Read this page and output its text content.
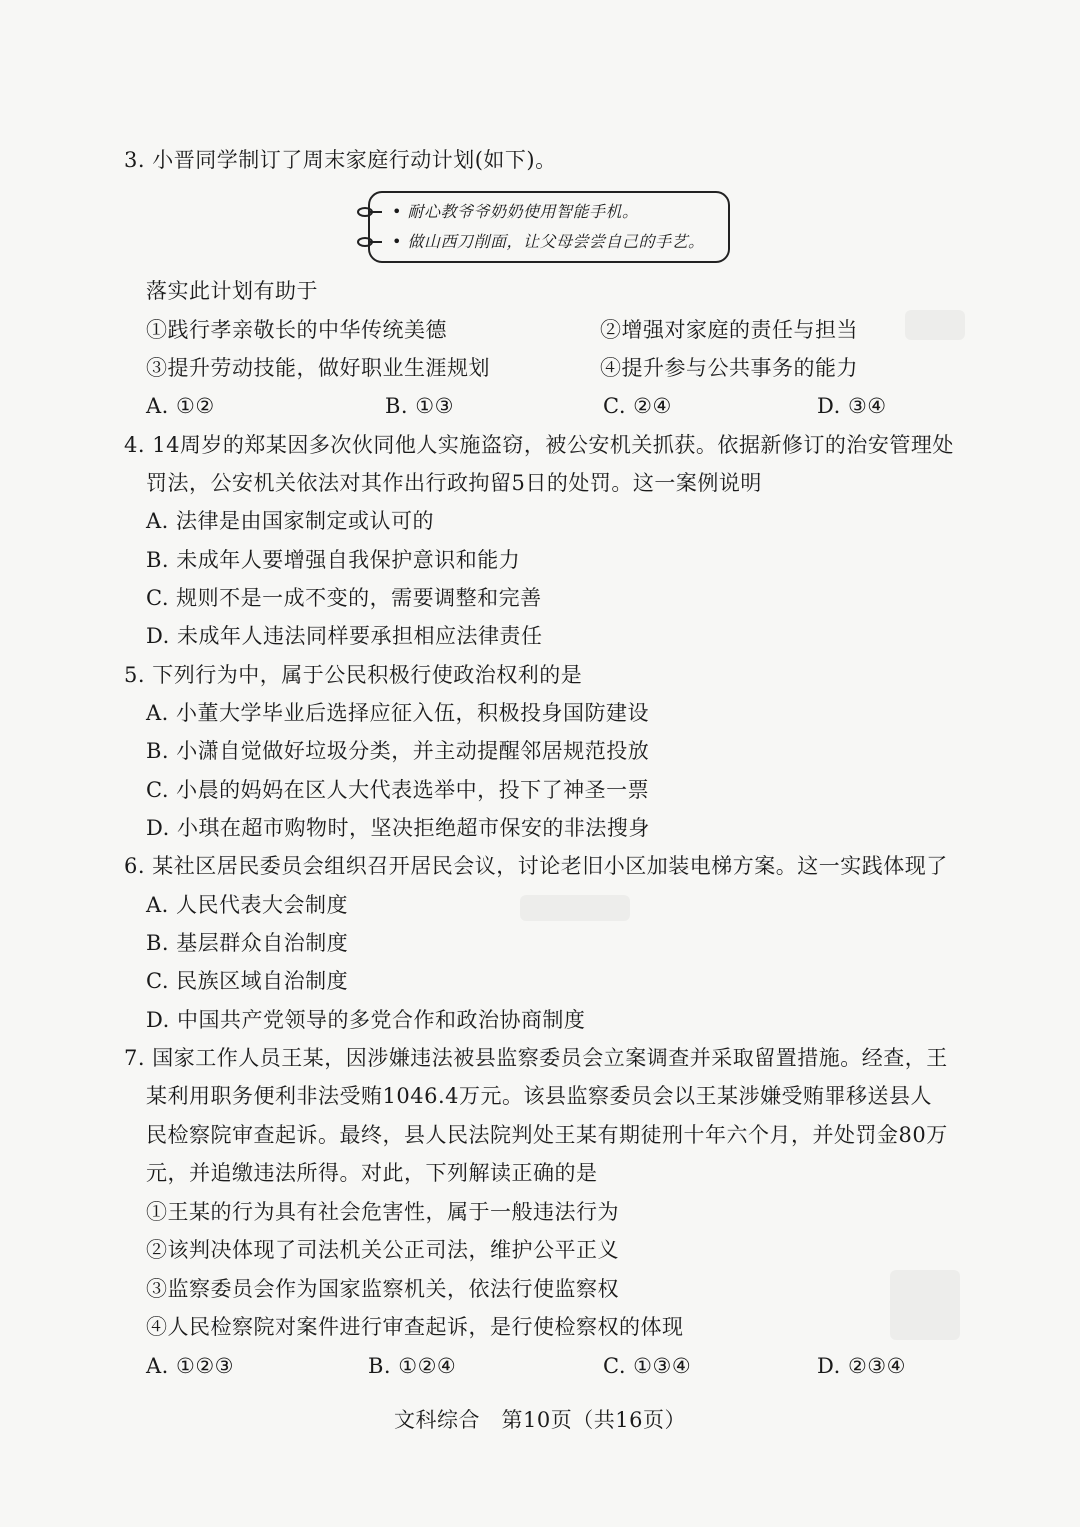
3. 小晋同学制订了周末家庭行动计划(如下)。
• 耐心教爷爷奶奶使用智能手机。
• 做山西刀削面，让父母尝尝自己的手艺。
落实此计划有助于
①践行孝亲敬长的中华传统美德	②增强对家庭的责任与担当
③提升劳动技能，做好职业生涯规划	④提升参与公共事务的能力
A. ①②	B. ①③	C. ②④	D. ③④
4. 14周岁的郑某因多次伙同他人实施盗窃，被公安机关抓获。依据新修订的治安管理处
罚法，公安机关依法对其作出行政拘留5日的处罚。这一案例说明
A. 法律是由国家制定或认可的
B. 未成年人要增强自我保护意识和能力
C. 规则不是一成不变的，需要调整和完善
D. 未成年人违法同样要承担相应法律责任
5. 下列行为中，属于公民积极行使政治权利的是
A. 小董大学毕业后选择应征入伍，积极投身国防建设
B. 小潇自觉做好垃圾分类，并主动提醒邻居规范投放
C. 小晨的妈妈在区人大代表选举中，投下了神圣一票
D. 小琪在超市购物时，坚决拒绝超市保安的非法搜身
6. 某社区居民委员会组织召开居民会议，讨论老旧小区加装电梯方案。这一实践体现了
A. 人民代表大会制度
B. 基层群众自治制度
C. 民族区域自治制度
D. 中国共产党领导的多党合作和政治协商制度
7. 国家工作人员王某，因涉嫌违法被县监察委员会立案调查并采取留置措施。经查，王
某利用职务便利非法受贿1046.4万元。该县监察委员会以王某涉嫌受贿罪移送县人
民检察院审查起诉。最终，县人民法院判处王某有期徒刑十年六个月，并处罚金80万
元，并追缴违法所得。对此，下列解读正确的是
①王某的行为具有社会危害性，属于一般违法行为
②该判决体现了司法机关公正司法，维护公平正义
③监察委员会作为国家监察机关，依法行使监察权
④人民检察院对案件进行审查起诉，是行使检察权的体现
A. ①②③	B. ①②④	C. ①③④	D. ②③④
文科综合　第10页（共16页）
